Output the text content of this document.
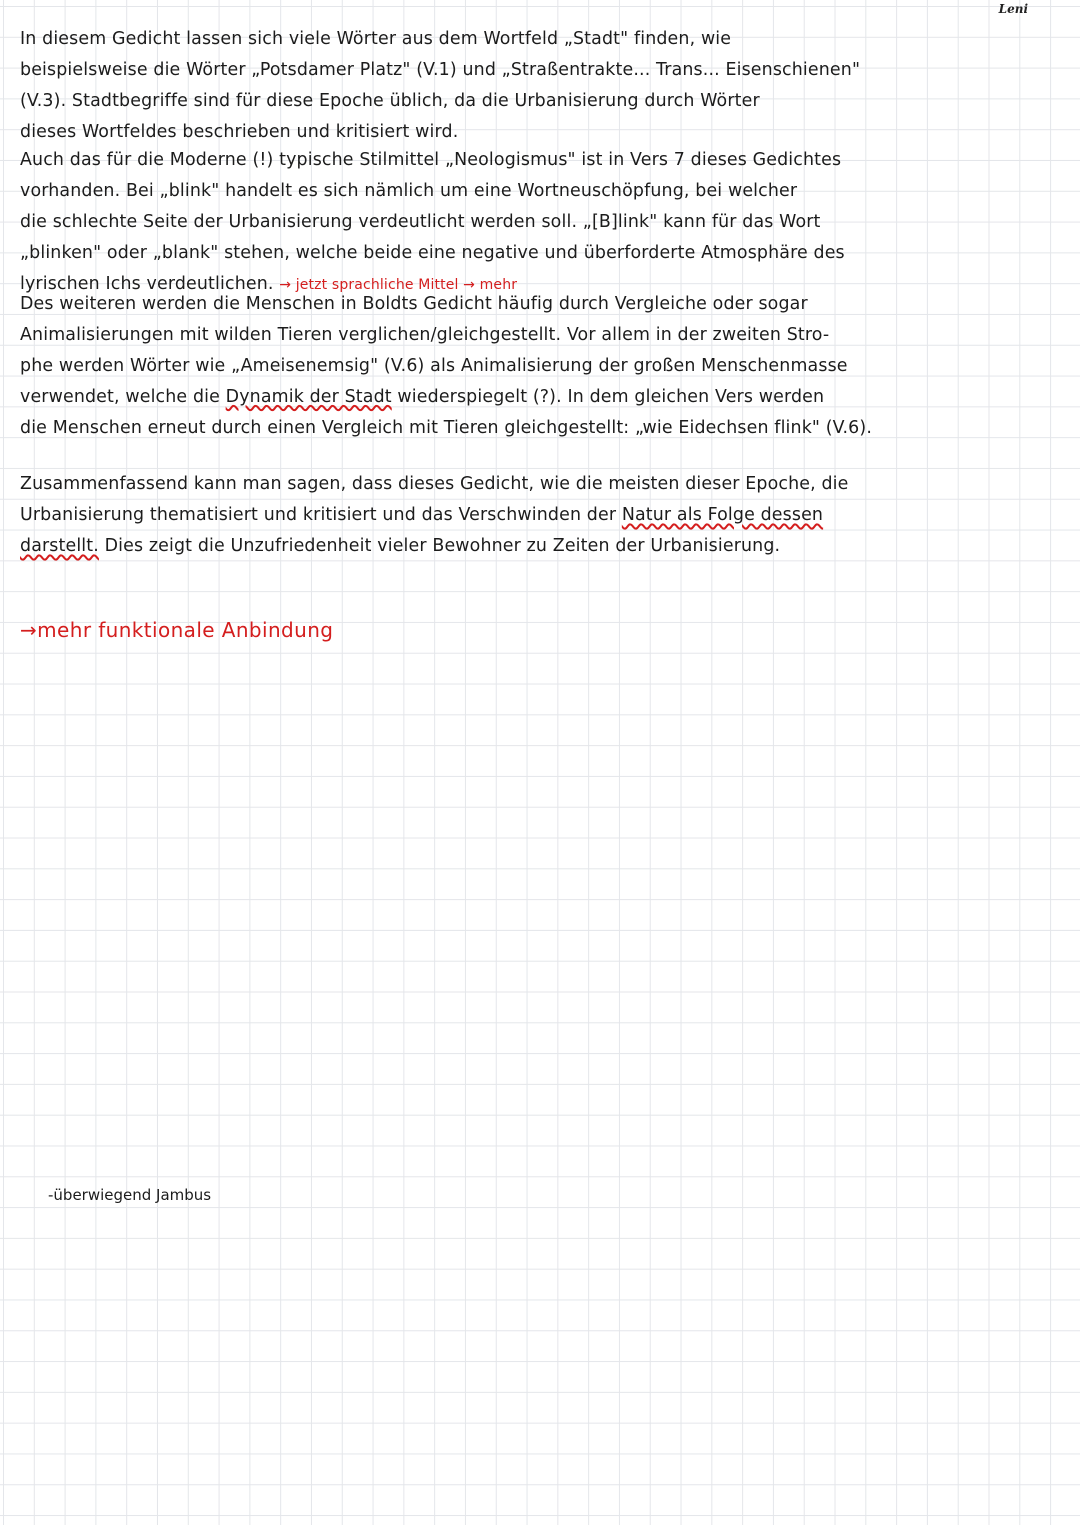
Leni

In diesem Gedicht lassen sich viele Wörter aus dem Wortfeld „Stadt" finden, wie
beispielsweise die Wörter „Potsdamer Platz" (V.1) und „Straßentrakte... Trans... Eisenschienen"
(V.3). Stadtbegriffe sind für diese Epoche üblich, da die Urbanisierung durch Wörter
dieses Wortfeldes beschrieben und kritisiert wird.

Auch das für die Moderne (!) typische Stilmittel „Neologismus" ist in Vers 7 dieses Gedichtes
vorhanden. Bei „blink" handelt es sich nämlich um eine Wortneuschöpfung, bei welcher
die schlechte Seite der Urbanisierung verdeutlicht werden soll. „[B]link" kann für das Wort
„blinken" oder „blank" stehen, welche beide eine negative und überforderte Atmosphäre des
lyrischen Ichs verdeutlichen. → jetzt sprachliche Mittel → mehr

Des weiteren werden die Menschen in Boldts Gedicht häufig durch Vergleiche oder sogar
Animalisierungen mit wilden Tieren verglichen/gleichgestellt. Vor allem in der zweiten Stro-
phe werden Wörter wie „Ameisenemsig" (V.6) als Animalisierung der großen Menschenmasse
verwendet, welche die Dynamik der Stadt wiederspiegelt (?). In dem gleichen Vers werden
die Menschen erneut durch einen Vergleich mit Tieren gleichgestellt: „wie Eidechsen flink" (V.6).

Zusammenfassend kann man sagen, dass dieses Gedicht, wie die meisten dieser Epoche, die
Urbanisierung thematisiert und kritisiert und das Verschwinden der Natur als Folge dessen
darstellt. Dies zeigt die Unzufriedenheit vieler Bewohner zu Zeiten der Urbanisierung.

→mehr funktionale Anbindung
-überwiegend Jambus
